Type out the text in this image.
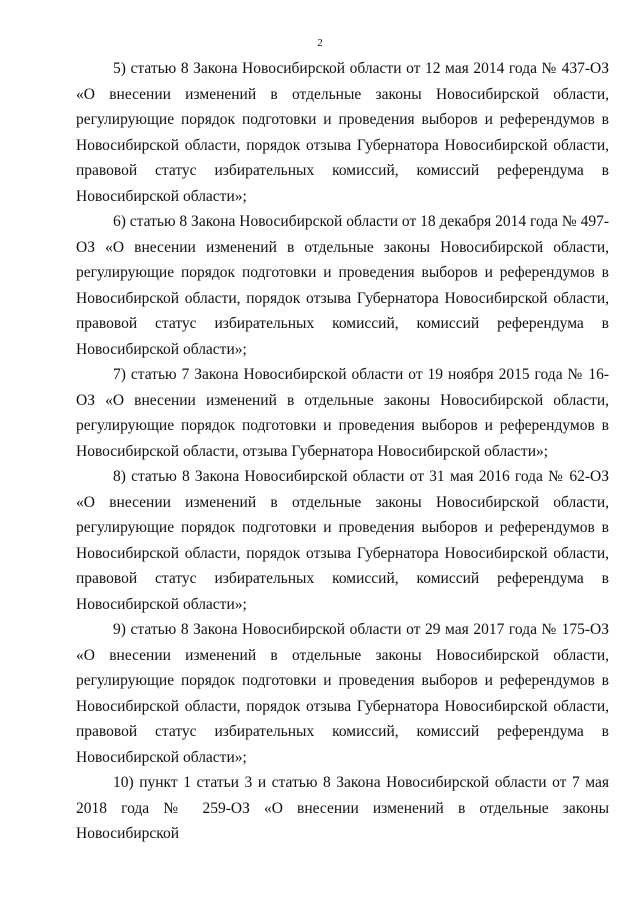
2

5) статью 8 Закона Новосибирской области от 12 мая 2014 года № 437-ОЗ «О внесении изменений в отдельные законы Новосибирской области, регулирующие порядок подготовки и проведения выборов и референдумов в Новосибирской области, порядок отзыва Губернатора Новосибирской области, правовой статус избирательных комиссий, комиссий референдума в Новосибирской области»;

6) статью 8 Закона Новосибирской области от 18 декабря 2014 года № 497-ОЗ «О внесении изменений в отдельные законы Новосибирской области, регулирующие порядок подготовки и проведения выборов и референдумов в Новосибирской области, порядок отзыва Губернатора Новосибирской области, правовой статус избирательных комиссий, комиссий референдума в Новосибирской области»;

7) статью 7 Закона Новосибирской области от 19 ноября 2015 года № 16-ОЗ «О внесении изменений в отдельные законы Новосибирской области, регулирующие порядок подготовки и проведения выборов и референдумов в Новосибирской области, отзыва Губернатора Новосибирской области»;

8) статью 8 Закона Новосибирской области от 31 мая 2016 года № 62-ОЗ «О внесении изменений в отдельные законы Новосибирской области, регулирующие порядок подготовки и проведения выборов и референдумов в Новосибирской области, порядок отзыва Губернатора Новосибирской области, правовой статус избирательных комиссий, комиссий референдума в Новосибирской области»;

9) статью 8 Закона Новосибирской области от 29 мая 2017 года № 175-ОЗ «О внесении изменений в отдельные законы Новосибирской области, регулирующие порядок подготовки и проведения выборов и референдумов в Новосибирской области, порядок отзыва Губернатора Новосибирской области, правовой статус избирательных комиссий, комиссий референдума в Новосибирской области»;

10) пункт 1 статьи 3 и статью 8 Закона Новосибирской области от 7 мая 2018 года № 259-ОЗ «О внесении изменений в отдельные законы Новосибирской
